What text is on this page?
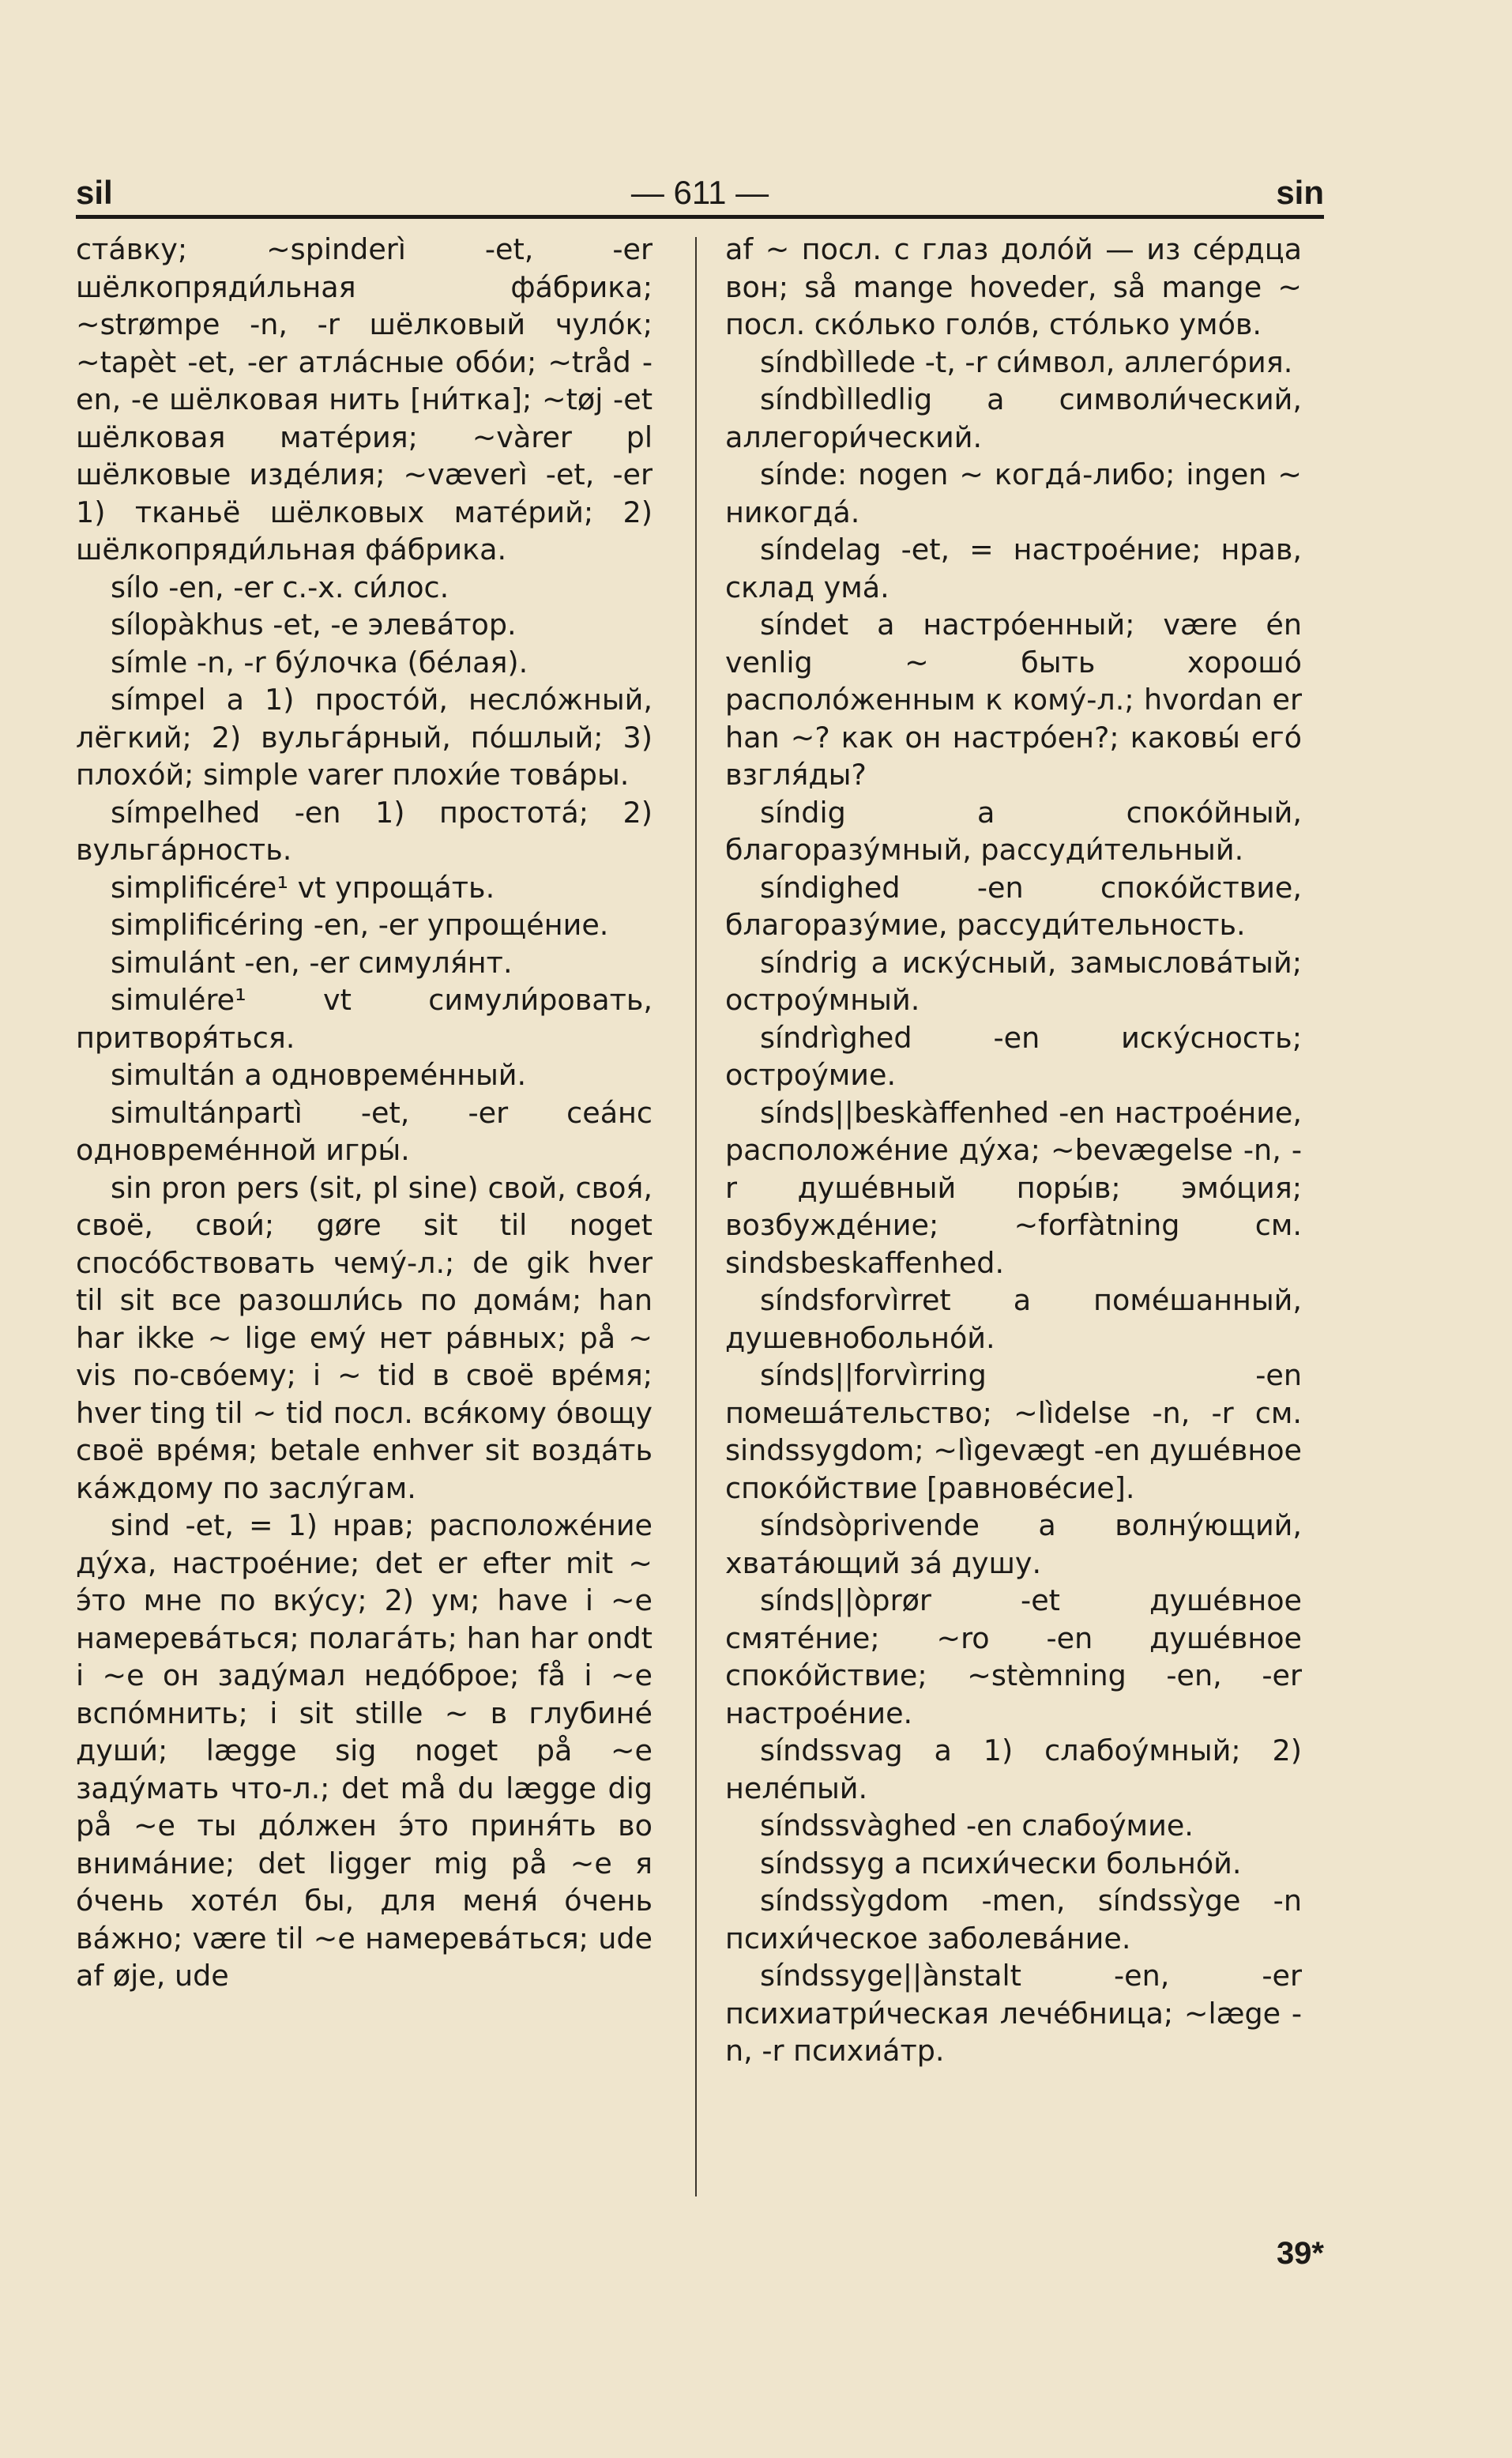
sil	— 611 —	sin

ста́вку; ~spinderì -et, -er шёлкопряди́льная фа́брика; ~strømpe -n, -r шёлковый чуло́к; ~tapèt -et, -er атла́сные обо́и; ~tråd -en, -e шёлковая нить [ни́тка]; ~tøj -et шёлковая мате́рия; ~vàrer pl шёлковые изде́лия; ~væverì -et, -er 1) тканьё шёлковых мате́рий; 2) шёлкопряди́льная фа́брика.

sílo -en, -er с.-х. си́лос.

sílopàkhus -et, -e элева́тор.

símle -n, -r бу́лочка (бе́лая).

símpel a 1) просто́й, несло́жный, лёгкий; 2) вульга́рный, по́шлый; 3) плохо́й; simple varer плохи́е това́ры.

símpelhed -en 1) простота́; 2) вульга́рность.

simplificére¹ vt упроща́ть.

simplificéring -en, -er упроще́ние.

simulánt -en, -er симуля́нт.

simulére¹ vt симули́ровать, притворя́ться.

simultán a одновреме́нный.

simultánpartì -et, -er сеа́нс одновреме́нной игры́.

sin pron pers (sit, pl sine) свой, своя́, своё, свои́; gøre sit til noget спосо́бствовать чему́-л.; de gik hver til sit все разошли́сь по дома́м; han har ikke ~ lige ему́ нет ра́вных; på ~ vis по-сво́ему; i ~ tid в своё вре́мя; hver ting til ~ tid посл. вся́кому о́вощу своё вре́мя; betale enhver sit возда́ть ка́ждому по заслу́гам.

sind -et, = 1) нрав; расположе́ние ду́ха, настрое́ние; det er efter mit ~ э́то мне по вку́су; 2) ум; have i ~e намерева́ться; полага́ть; han har ondt i ~e он заду́мал недо́брое; få i ~e вспо́мнить; i sit stille ~ в глубине́ души́; lægge sig noget på ~e заду́мать что-л.; det må du lægge dig på ~e ты до́лжен э́то приня́ть во внима́ние; det ligger mig på ~e я о́чень хоте́л бы, для меня́ о́чень ва́жно; være til ~e намерева́ться; ude af øje, ude

af ~ посл. с глаз доло́й — из се́рдца вон; så mange hoveder, så mange ~ посл. ско́лько голо́в, сто́лько умо́в.

síndbìllede -t, -r си́мвол, аллего́рия.

síndbìlledlig a символи́ческий, аллегори́ческий.

sínde: nogen ~ когда́-либо; ingen ~ никогда́.

síndelag -et, = настрое́ние; нрав, склад ума́.

síndet a настро́енный; være én venlig ~ быть хорошо́ располо́женным к кому́-л.; hvordan er han ~? как он настро́ен?; каковы́ его́ взгля́ды?

síndig a споко́йный, благоразу́мный, рассуди́тельный.

síndighed -en споко́йствие, благоразу́мие, рассуди́тельность.

síndrig a иску́сный, замыслова́тый; остроу́мный.

síndrìghed -en иску́сность; остроу́мие.

sínds||beskàffenhed -en настрое́ние, расположе́ние ду́ха; ~bevægelse -n, -r душе́вный поры́в; эмо́ция; возбужде́ние; ~forfàtning см. sindsbeskaffenhed.

síndsforvìrret a поме́шанный, душевнобольно́й.

sínds||forvìrring -en помеша́тельство; ~lìdelse -n, -r см. sindssygdom; ~lìgevægt -en душе́вное споко́йствие [равнове́сие].

síndsòprivende a волну́ющий, хвата́ющий за́ душу.

sínds||òprør -et душе́вное смяте́ние; ~ro -en душе́вное споко́йствие; ~stèmning -en, -er настрое́ние.

síndssvag a 1) слабоу́мный; 2) неле́пый.

síndssvàghed -en слабоу́мие.

síndssyg a психи́чески больно́й.

síndssỳgdom -men, síndssỳge -n психи́ческое заболева́ние.

síndssyge||ànstalt -en, -er психиатри́ческая лече́бница; ~læge -n, -r психиа́тр.

39*
